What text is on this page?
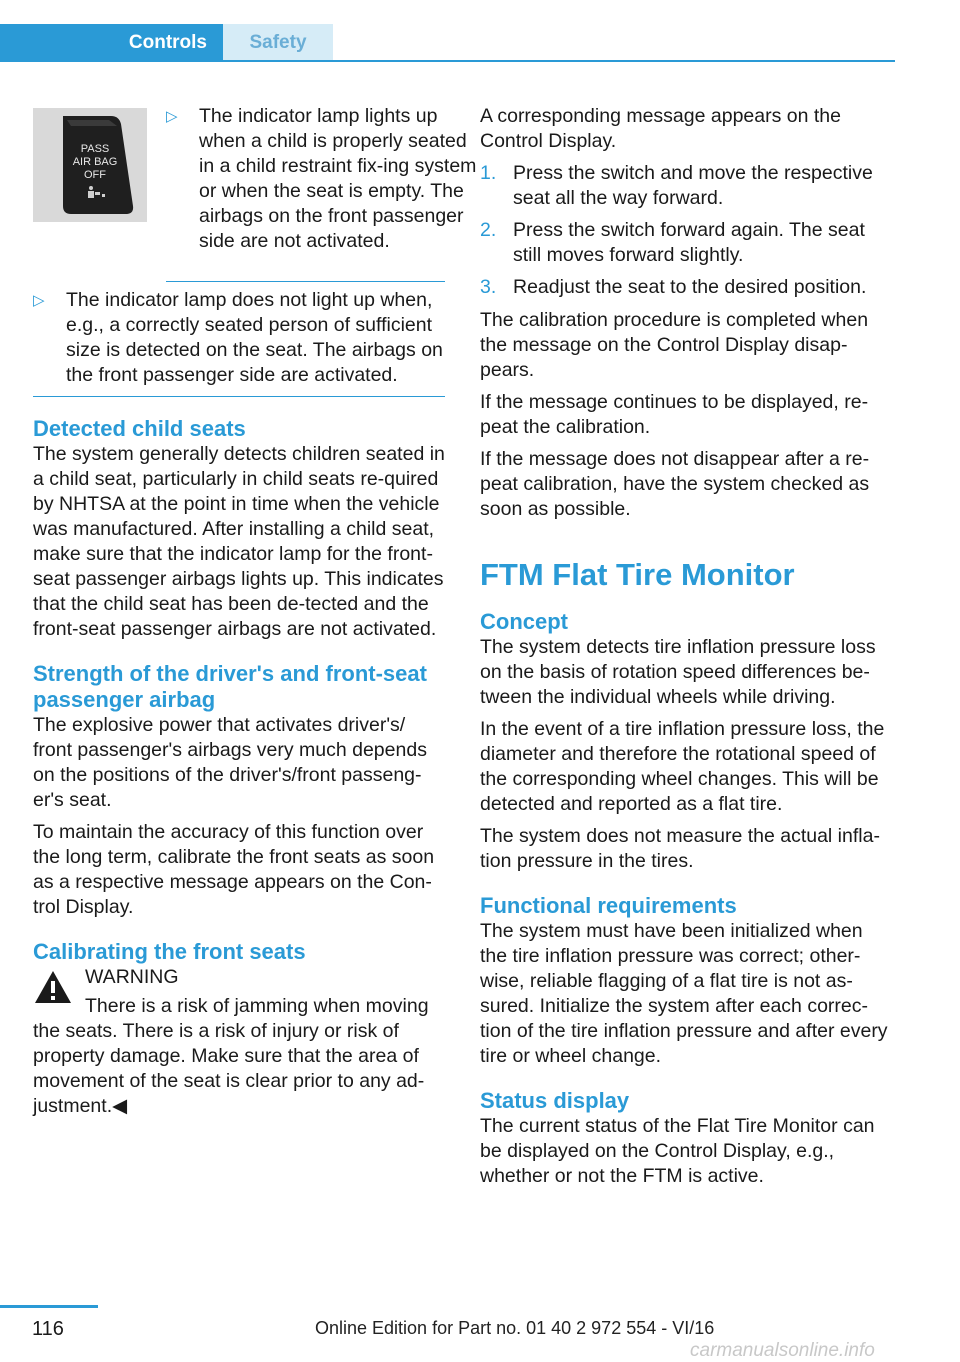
Controls	Safety
PASS
AIR BAG
OFF
▷ The indicator lamp lights up when a child is properly seated in a child restraint fix-ing system or when the seat is empty. The airbags on the front passenger side are not activated.
▷ The indicator lamp does not light up when, e.g., a correctly seated person of sufficient size is detected on the seat. The airbags on the front passenger side are activated.
Detected child seats

The system generally detects children seated in a child seat, particularly in child seats re-quired by NHTSA at the point in time when the vehicle was manufactured. After installing a child seat, make sure that the indicator lamp for the front-seat passenger airbags lights up. This indicates that the child seat has been de-tected and the front-seat passenger airbags are not activated.

Strength of the driver's and front-seat passenger airbag

The explosive power that activates driver's/ front passenger's airbags very much depends on the positions of the driver's/front passeng-er's seat.

To maintain the accuracy of this function over the long term, calibrate the front seats as soon as a respective message appears on the Con-trol Display.

Calibrating the front seats
WARNING
There is a risk of jamming when moving the seats. There is a risk of injury or risk of property damage. Make sure that the area of movement of the seat is clear prior to any ad-justment.◀

A corresponding message appears on the Control Display.

1. Press the switch and move the respective seat all the way forward.
2. Press the switch forward again. The seat still moves forward slightly.
3. Readjust the seat to the desired position.

The calibration procedure is completed when the message on the Control Display disap-pears.

If the message continues to be displayed, re-peat the calibration.

If the message does not disappear after a re-peat calibration, have the system checked as soon as possible.

FTM Flat Tire Monitor
Concept

The system detects tire inflation pressure loss on the basis of rotation speed differences be-tween the individual wheels while driving.

In the event of a tire inflation pressure loss, the diameter and therefore the rotational speed of the corresponding wheel changes. This will be detected and reported as a flat tire.

The system does not measure the actual infla-tion pressure in the tires.

Functional requirements

The system must have been initialized when the tire inflation pressure was correct; other-wise, reliable flagging of a flat tire is not as-sured. Initialize the system after each correc-tion of the tire inflation pressure and after every tire or wheel change.

Status display

The current status of the Flat Tire Monitor can be displayed on the Control Display, e.g., whether or not the FTM is active.

116	Online Edition for Part no. 01 40 2 972 554 - VI/16
carmanualsonline.info
